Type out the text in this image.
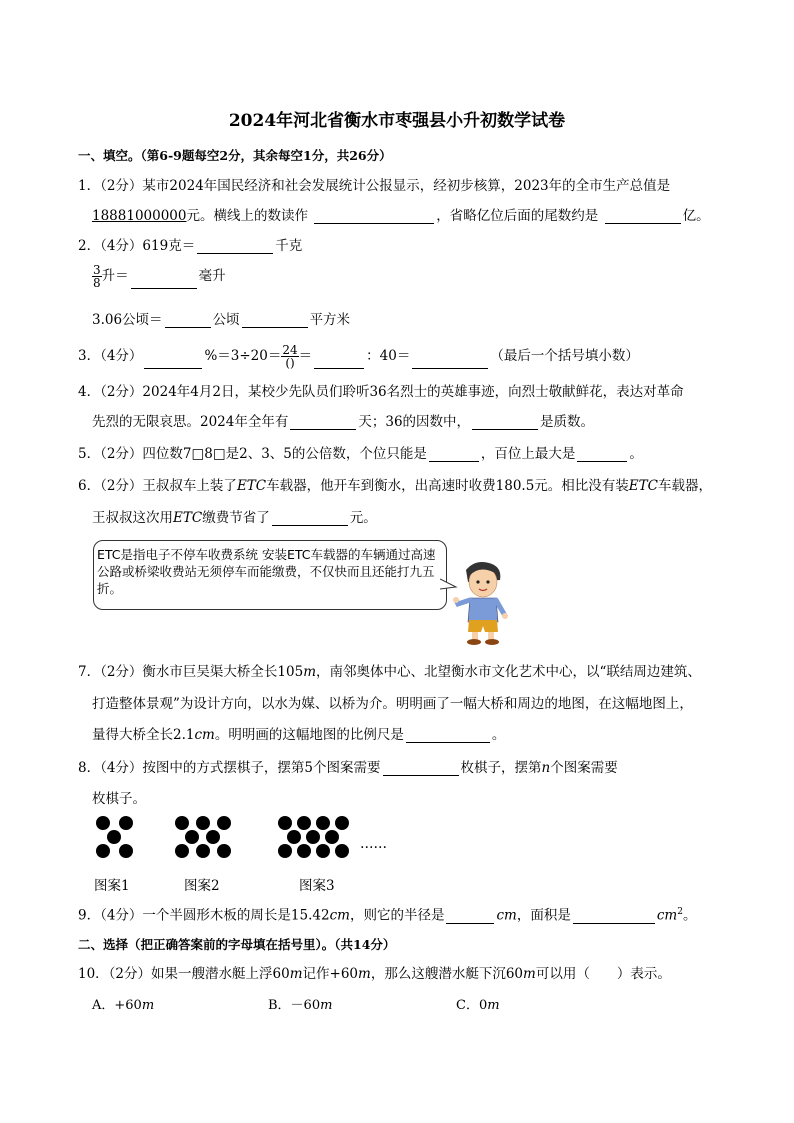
2024年河北省衡水市枣强县小升初数学试卷
一、填空。（第6-9题每空2分，其余每空1分，共26分）
1．（2分）某市2024年国民经济和社会发展统计公报显示，经初步核算，2023年的全市生产总值是
18881000000元。横线上的数读作	，省略亿位后面的尾数约是	亿。
2．（4分）619克＝	千克
$\frac{3}{8}$ 升＝	毫升
3.06公顷＝	公顷	平方米
3．（4分）	$\%=3\div 20= \frac{24}{()}$ ＝	：40＝	（最后一个括号填小数）
4．（2分）2024年4月2日，某校少先队员们聆听36名烈士的英雄事迹，向烈士敬献鲜花，表达对革命
先烈的无限哀思。2024年全年有	天；36的因数中，	是质数。
5．（2分）四位数7□8□是2、3、5的公倍数，个位只能是	，百位上最大是	。
6．（2分）王叔叔车上装了ETC车载器，他开车到衡水，出高速时收费180.5元。相比没有装ETC车载器，
王叔叔这次用ETC缴费节省了	元。
ETC是指电子不停车收费系统 安装ETC车载器的车辆通过高速公路或桥梁收费站无须停车而能缴费，不仅快而且还能打九五折。
7．（2分）衡水市巨吴渠大桥全长105m，南邻奥体中心、北望衡水市文化艺术中心，以“联结周边建筑、
打造整体景观”为设计方向，以水为媒、以桥为介。明明画了一幅大桥和周边的地图，在这幅地图上，
量得大桥全长2.1cm。明明画的这幅地图的比例尺是	。
8．（4分）按图中的方式摆棋子，摆第5个图案需要	枚棋子，摆第n个图案需要
枚棋子。
……
图案1	图案2	图案3
9．（4分）一个半圆形木板的周长是15.42cm，则它的半径是	cm，面积是	$cm^2$。
二、选择（把正确答案前的字母填在括号里）。（共14分）
10．（2分）如果一艘潜水艇上浮60m记作+60m，那么这艘潜水艇下沉60m可以用（　　）表示。
A．+60m	B．－60m	C．0m
